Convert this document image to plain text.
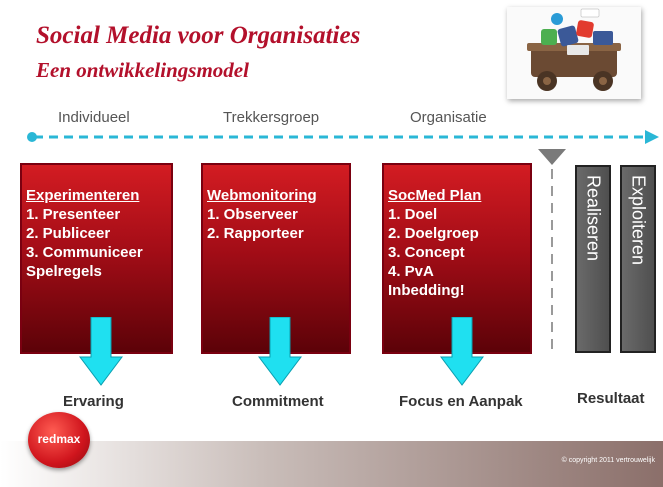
Social Media voor Organisaties
Een ontwikkelingsmodel
Individueel	Trekkersgroep	Organisatie
Experimenteren
1. Presenteer
2. Publiceer
3. Communiceer
Spelregels
Webmonitoring
1. Observeer
2. Rapporteer
SocMed Plan
1. Doel
2. Doelgroep
3. Concept
4. PvA
Inbedding!
Realiseren Exploiteren
Ervaring	Commitment	Focus en Aanpak	Resultaat
© copyright 2011 vertrouwelijk
redmax
